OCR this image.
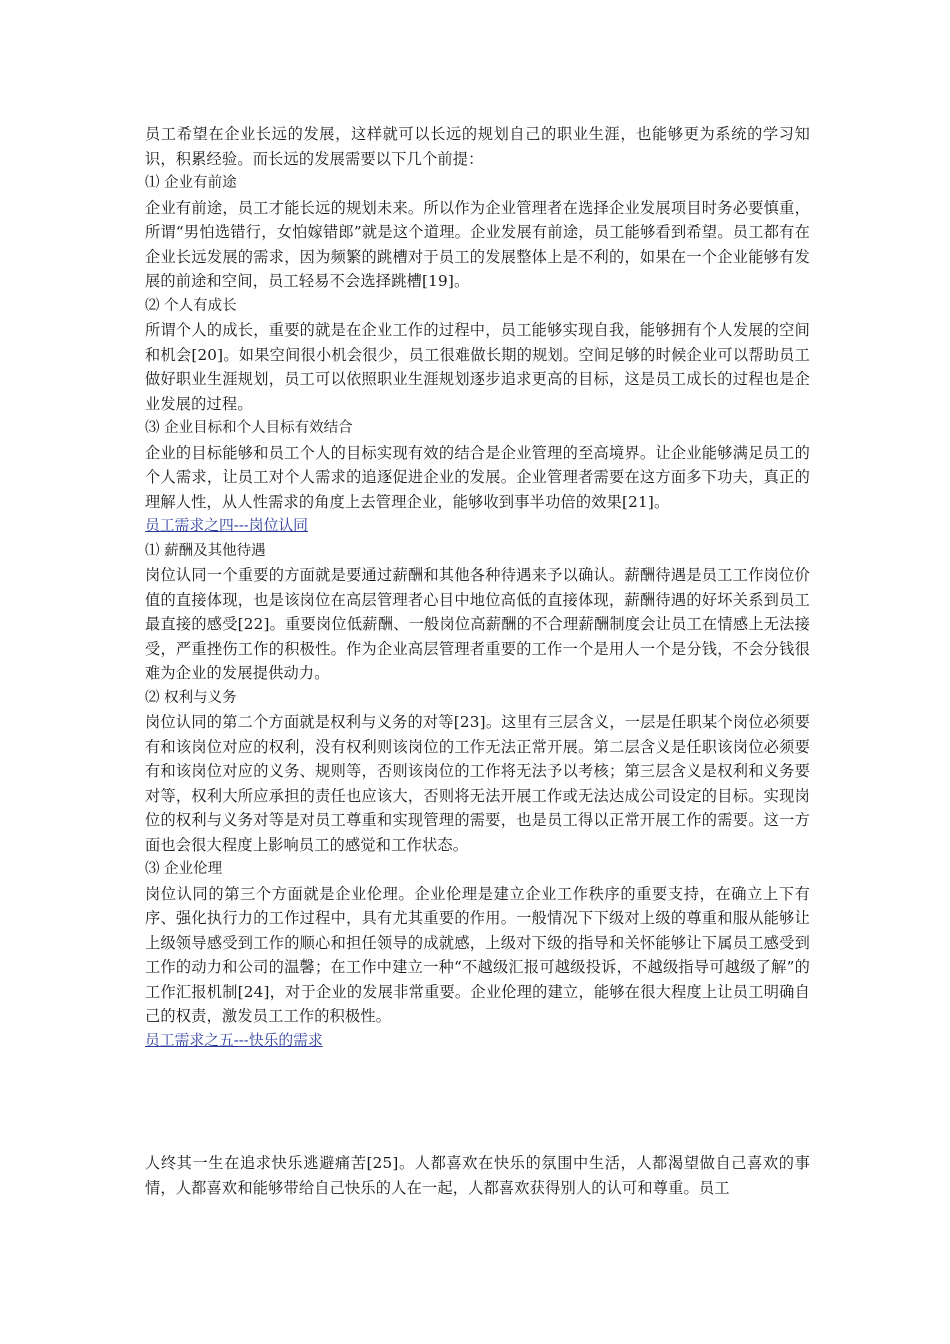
员工希望在企业长远的发展，这样就可以长远的规划自己的职业生涯，也能够更为系统的学习知识，积累经验。而长远的发展需要以下几个前提：

⑴ 企业有前途

企业有前途，员工才能长远的规划未来。所以作为企业管理者在选择企业发展项目时务必要慎重，所谓“男怕选错行，女怕嫁错郎”就是这个道理。企业发展有前途，员工能够看到希望。员工都有在企业长远发展的需求，因为频繁的跳槽对于员工的发展整体上是不利的，如果在一个企业能够有发展的前途和空间，员工轻易不会选择跳槽[19]。

⑵ 个人有成长

所谓个人的成长，重要的就是在企业工作的过程中，员工能够实现自我，能够拥有个人发展的空间和机会[20]。如果空间很小机会很少，员工很难做长期的规划。空间足够的时候企业可以帮助员工做好职业生涯规划，员工可以依照职业生涯规划逐步追求更高的目标，这是员工成长的过程也是企业发展的过程。

⑶ 企业目标和个人目标有效结合

企业的目标能够和员工个人的目标实现有效的结合是企业管理的至高境界。让企业能够满足员工的个人需求，让员工对个人需求的追逐促进企业的发展。企业管理者需要在这方面多下功夫，真正的理解人性，从人性需求的角度上去管理企业，能够收到事半功倍的效果[21]。

员工需求之四---岗位认同

⑴ 薪酬及其他待遇

岗位认同一个重要的方面就是要通过薪酬和其他各种待遇来予以确认。薪酬待遇是员工工作岗位价值的直接体现，也是该岗位在高层管理者心目中地位高低的直接体现，薪酬待遇的好坏关系到员工最直接的感受[22]。重要岗位低薪酬、一般岗位高薪酬的不合理薪酬制度会让员工在情感上无法接受，严重挫伤工作的积极性。作为企业高层管理者重要的工作一个是用人一个是分钱，不会分钱很难为企业的发展提供动力。

⑵ 权利与义务

岗位认同的第二个方面就是权利与义务的对等[23]。这里有三层含义，一层是任职某个岗位必须要有和该岗位对应的权利，没有权利则该岗位的工作无法正常开展。第二层含义是任职该岗位必须要有和该岗位对应的义务、规则等，否则该岗位的工作将无法予以考核；第三层含义是权利和义务要对等，权利大所应承担的责任也应该大，否则将无法开展工作或无法达成公司设定的目标。实现岗位的权利与义务对等是对员工尊重和实现管理的需要，也是员工得以正常开展工作的需要。这一方面也会很大程度上影响员工的感觉和工作状态。

⑶ 企业伦理

岗位认同的第三个方面就是企业伦理。企业伦理是建立企业工作秩序的重要支持，在确立上下有序、强化执行力的工作过程中，具有尤其重要的作用。一般情况下下级对上级的尊重和服从能够让上级领导感受到工作的顺心和担任领导的成就感，上级对下级的指导和关怀能够让下属员工感受到工作的动力和公司的温馨；在工作中建立一种“不越级汇报可越级投诉，不越级指导可越级了解”的工作汇报机制[24]，对于企业的发展非常重要。企业伦理的建立，能够在很大程度上让员工明确自己的权责，激发员工工作的积极性。

员工需求之五---快乐的需求

人终其一生在追求快乐逃避痛苦[25]。人都喜欢在快乐的氛围中生活，人都渴望做自己喜欢的事情，人都喜欢和能够带给自己快乐的人在一起，人都喜欢获得别人的认可和尊重。员工
